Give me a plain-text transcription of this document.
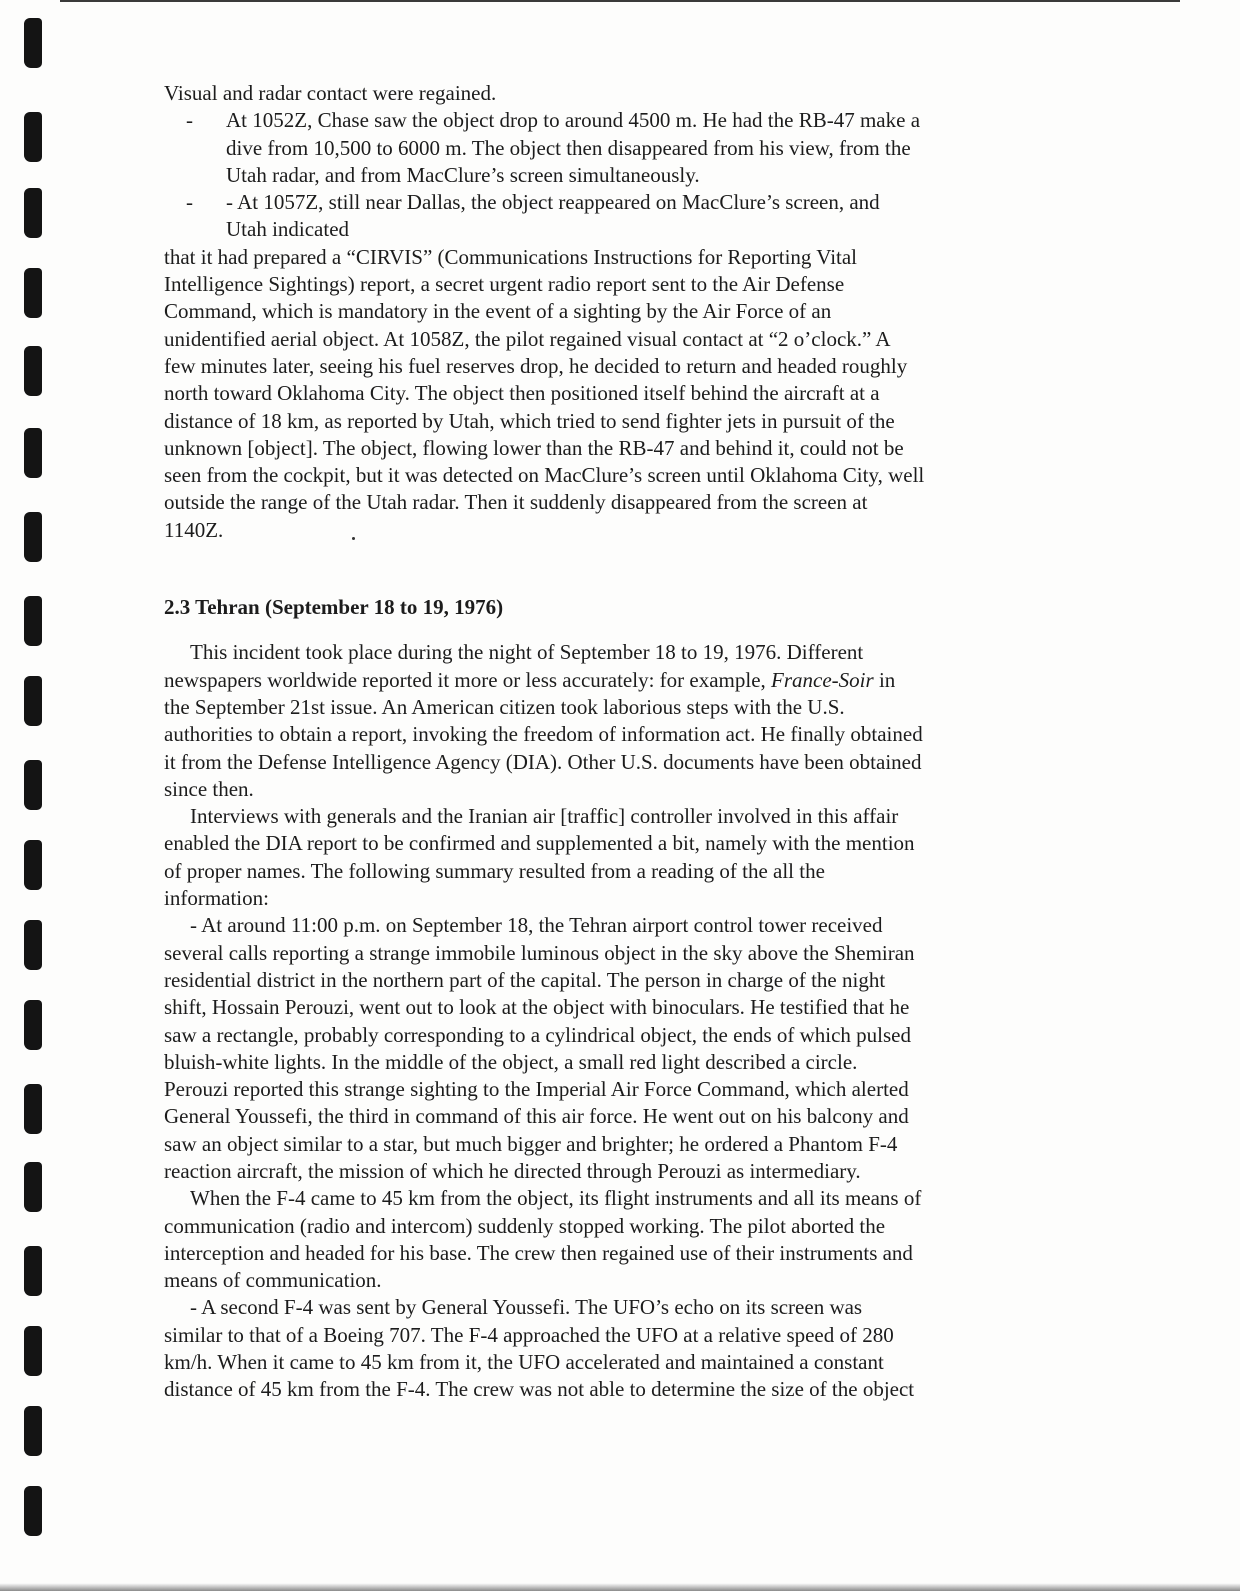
Visual and radar contact were regained.
- At 1052Z, Chase saw the object drop to around 4500 m. He had the RB-47 make a
dive from 10,500 to 6000 m. The object then disappeared from his view, from the
Utah radar, and from MacClure’s screen simultaneously.
- - At 1057Z, still near Dallas, the object reappeared on MacClure’s screen, and
Utah indicated
that it had prepared a “CIRVIS” (Communications Instructions for Reporting Vital
Intelligence Sightings) report, a secret urgent radio report sent to the Air Defense
Command, which is mandatory in the event of a sighting by the Air Force of an
unidentified aerial object. At 1058Z, the pilot regained visual contact at “2 o’clock.” A
few minutes later, seeing his fuel reserves drop, he decided to return and headed roughly
north toward Oklahoma City. The object then positioned itself behind the aircraft at a
distance of 18 km, as reported by Utah, which tried to send fighter jets in pursuit of the
unknown [object]. The object, flowing lower than the RB-47 and behind it, could not be
seen from the cockpit, but it was detected on MacClure’s screen until Oklahoma City, well
outside the range of the Utah radar. Then it suddenly disappeared from the screen at
1140Z.
2.3 Tehran (September 18 to 19, 1976)
This incident took place during the night of September 18 to 19, 1976. Different
newspapers worldwide reported it more or less accurately: for example, France-Soir in
the September 21st issue. An American citizen took laborious steps with the U.S.
authorities to obtain a report, invoking the freedom of information act. He finally obtained
it from the Defense Intelligence Agency (DIA). Other U.S. documents have been obtained
since then.
Interviews with generals and the Iranian air [traffic] controller involved in this affair
enabled the DIA report to be confirmed and supplemented a bit, namely with the mention
of proper names. The following summary resulted from a reading of the all the
information:
- At around 11:00 p.m. on September 18, the Tehran airport control tower received
several calls reporting a strange immobile luminous object in the sky above the Shemiran
residential district in the northern part of the capital. The person in charge of the night
shift, Hossain Perouzi, went out to look at the object with binoculars. He testified that he
saw a rectangle, probably corresponding to a cylindrical object, the ends of which pulsed
bluish-white lights. In the middle of the object, a small red light described a circle.
Perouzi reported this strange sighting to the Imperial Air Force Command, which alerted
General Youssefi, the third in command of this air force. He went out on his balcony and
saw an object similar to a star, but much bigger and brighter; he ordered a Phantom F-4
reaction aircraft, the mission of which he directed through Perouzi as intermediary.
When the F-4 came to 45 km from the object, its flight instruments and all its means of
communication (radio and intercom) suddenly stopped working. The pilot aborted the
interception and headed for his base. The crew then regained use of their instruments and
means of communication.
- A second F-4 was sent by General Youssefi. The UFO’s echo on its screen was
similar to that of a Boeing 707. The F-4 approached the UFO at a relative speed of 280
km/h. When it came to 45 km from it, the UFO accelerated and maintained a constant
distance of 45 km from the F-4. The crew was not able to determine the size of the object
